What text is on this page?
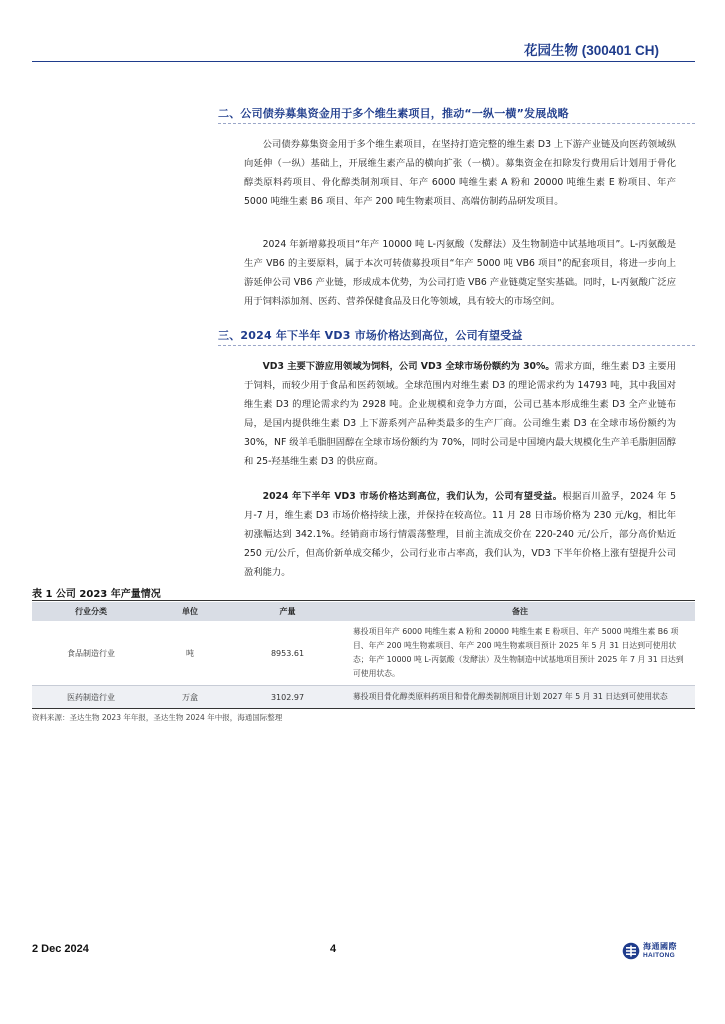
花园生物 (300401 CH)
二、公司债券募集资金用于多个维生素项目，推动“一纵一横”发展战略

公司债券募集资金用于多个维生素项目，在坚持打造完整的维生素 D3 上下游产业链及向医药领域纵向延伸（一纵）基础上，开展维生素产品的横向扩张（一横）。募集资金在扣除发行费用后计划用于骨化醇类原料药项目、骨化醇类制剂项目、年产 6000 吨维生素 A 粉和 20000 吨维生素 E 粉项目、年产 5000 吨维生素 B6 项目、年产 200 吨生物素项目、高端仿制药品研发项目。

2024 年新增募投项目“年产 10000 吨 L-丙氨酸（发酵法）及生物制造中试基地项目”。L-丙氨酸是生产 VB6 的主要原料，属于本次可转债募投项目“年产 5000 吨 VB6 项目”的配套项目，将进一步向上游延伸公司 VB6 产业链，形成成本优势，为公司打造 VB6 产业链奠定坚实基础。同时，L-丙氨酸广泛应用于饲料添加剂、医药、营养保健食品及日化等领域，具有较大的市场空间。

三、2024 年下半年 VD3 市场价格达到高位，公司有望受益

VD3 主要下游应用领域为饲料，公司 VD3 全球市场份额约为 30%。需求方面，维生素 D3 主要用于饲料，而较少用于食品和医药领域。全球范围内对维生素 D3 的理论需求约为 14793 吨，其中我国对维生素 D3 的理论需求约为 2928 吨。企业规模和竞争力方面，公司已基本形成维生素 D3 全产业链布局，是国内提供维生素 D3 上下游系列产品种类最多的生产厂商。公司维生素 D3 在全球市场份额约为 30%，NF 级羊毛脂胆固醇在全球市场份额约为 70%，同时公司是中国境内最大规模化生产羊毛脂胆固醇和 25-羟基维生素 D3 的供应商。

2024 年下半年 VD3 市场价格达到高位，我们认为，公司有望受益。根据百川盈孚，2024 年 5 月-7 月，维生素 D3 市场价格持续上涨，并保持在较高位。11 月 28 日市场价格为 230 元/kg，相比年初涨幅达到 342.1%。经销商市场行情震荡整理，目前主流成交价在 220-240 元/公斤，部分高价贴近 250 元/公斤，但高价新单成交稀少，公司行业市占率高，我们认为，VD3 下半年价格上涨有望提升公司盈利能力。

表 1 公司 2023 年产量情况
行业分类	单位	产量	备注
食品制造行业	吨	8953.61	募投项目年产 6000 吨维生素 A 粉和 20000 吨维生素 E 粉项目、年产 5000 吨维生素 B6 项目、年产 200 吨生物素项目、年产 200 吨生物素项目预计 2025 年 5 月 31 日达到可使用状态；年产 10000 吨 L-丙氨酸（发酵法）及生物制造中试基地项目预计 2025 年 7 月 31 日达到可使用状态。
医药制造行业	万盒	3102.97	募投项目骨化醇类原料药项目和骨化醇类制剂项目计划 2027 年 5 月 31 日达到可使用状态
资料来源：圣达生物 2023 年年报，圣达生物 2024 年中报，海通国际整理
2 Dec 2024	4	海通國際
HAITONG
